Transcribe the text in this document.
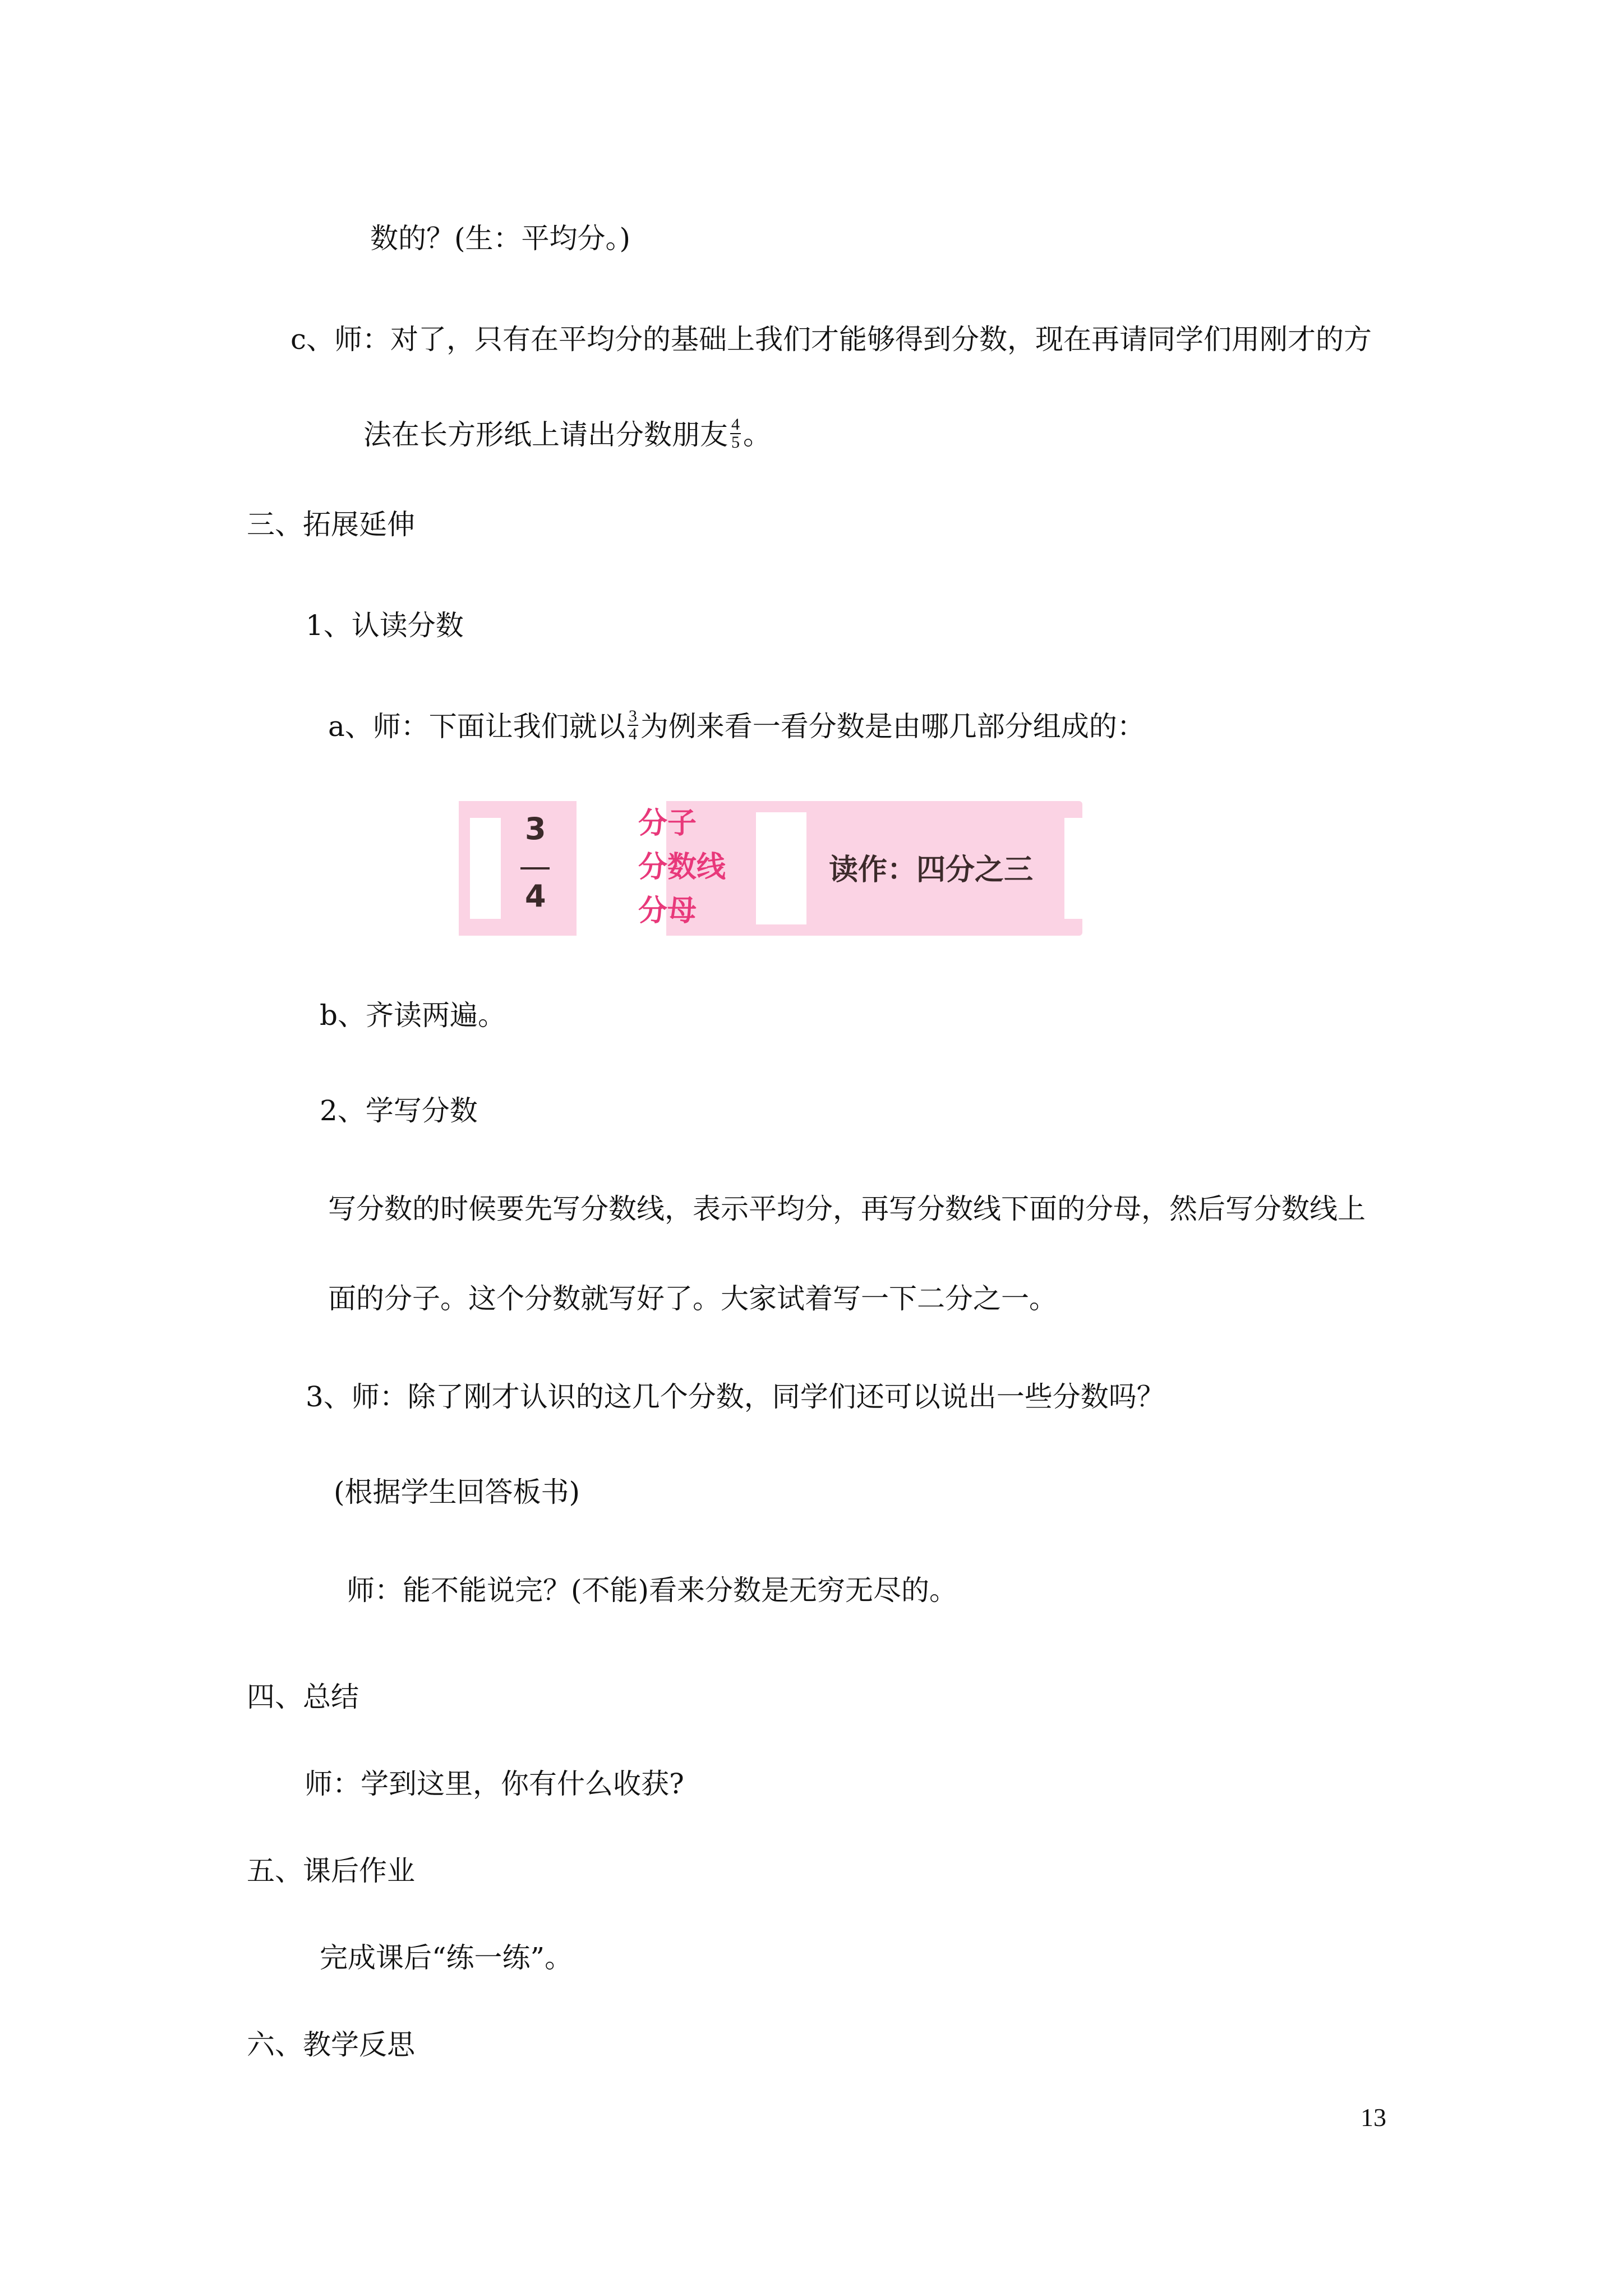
数的？(生：平均分。)
c、师：对了，只有在平均分的基础上我们才能够得到分数，现在再请同学们用刚才的方
法在长方形纸上请出分数朋友 $\frac{4}{5}$ 。
三、拓展延伸
1、认读分数
a、师：下面让我们就以 $\frac{3}{4}$ 为例来看一看分数是由哪几部分组成的：
3
4
分子
分数线
分母
读作：四分之三
b、齐读两遍。
2、学写分数
写分数的时候要先写分数线，表示平均分，再写分数线下面的分母，然后写分数线上
面的分子。这个分数就写好了。大家试着写一下二分之一。
3、师：除了刚才认识的这几个分数，同学们还可以说出一些分数吗？
(根据学生回答板书)
师：能不能说完？(不能)看来分数是无穷无尽的。
四、总结
师：学到这里，你有什么收获?
五、课后作业
完成课后“练一练”。
六、教学反思
13
